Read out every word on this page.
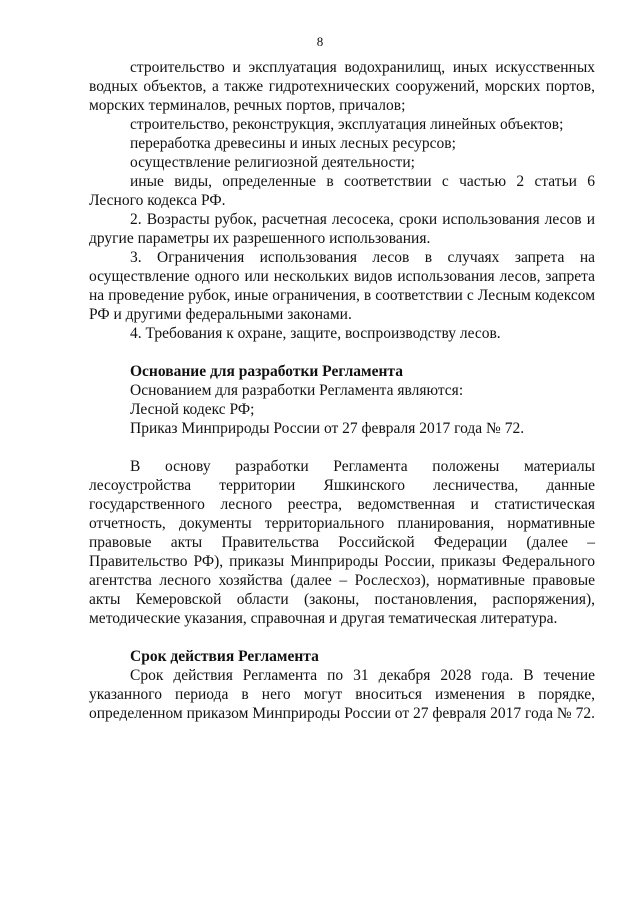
8

строительство и эксплуатация водохранилищ, иных искусственных водных объектов, а также гидротехнических сооружений, морских портов, морских терминалов, речных портов, причалов;

строительство, реконструкция, эксплуатация линейных объектов;

переработка древесины и иных лесных ресурсов;

осуществление религиозной деятельности;

иные виды, определенные в соответствии с частью 2 статьи 6 Лесного кодекса РФ.

2. Возрасты рубок, расчетная лесосека, сроки использования лесов и другие параметры их разрешенного использования.

3. Ограничения использования лесов в случаях запрета на осуществление одного или нескольких видов использования лесов, запрета на проведение рубок, иные ограничения, в соответствии с Лесным кодексом РФ и другими федеральными законами.

4. Требования к охране, защите, воспроизводству лесов.

Основание для разработки Регламента

Основанием для разработки Регламента являются:

Лесной кодекс РФ;

Приказ Минприроды России от 27 февраля 2017 года № 72.

В основу разработки Регламента положены материалы лесоустройства территории Яшкинского лесничества, данные государственного лесного реестра, ведомственная и статистическая отчетность, документы территориального планирования, нормативные правовые акты Правительства Российской Федерации (далее – Правительство РФ), приказы Минприроды России, приказы Федерального агентства лесного хозяйства (далее – Рослесхоз), нормативные правовые акты Кемеровской области (законы, постановления, распоряжения), методические указания, справочная и другая тематическая литература.

Срок действия Регламента

Срок действия Регламента по 31 декабря 2028 года. В течение указанного периода в него могут вноситься изменения в порядке, определенном приказом Минприроды России от 27 февраля 2017 года № 72.
